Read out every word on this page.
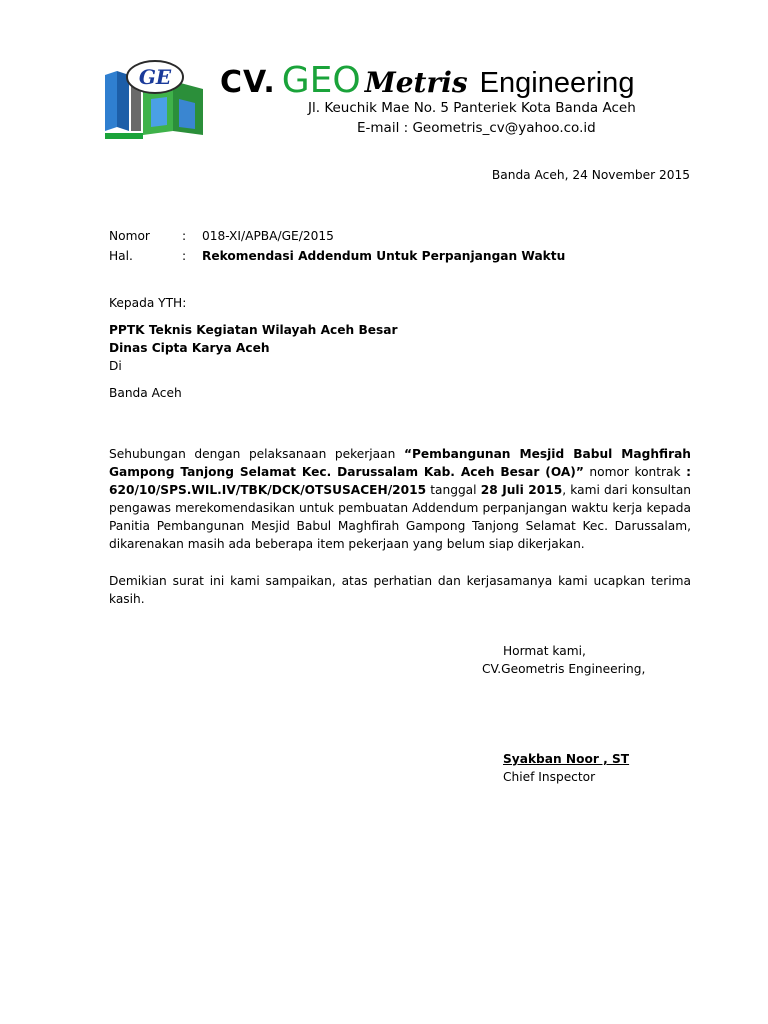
GE CV. GEO Metris Engineering
Jl. Keuchik Mae No. 5 Panteriek Kota Banda Aceh
E-mail : Geometris_cv@yahoo.co.id
Banda Aceh, 24 November 2015
Nomor	: 018-XI/APBA/GE/2015
Hal.	: Rekomendasi Addendum Untuk Perpanjangan Waktu
Kepada YTH:
PPTK Teknis Kegiatan Wilayah Aceh Besar
Dinas Cipta Karya Aceh
Di
Banda Aceh
Sehubungan dengan pelaksanaan pekerjaan “Pembangunan Mesjid Babul Maghfirah Gampong Tanjong Selamat Kec. Darussalam Kab. Aceh Besar (OA)” nomor kontrak : 620/10/SPS.WIL.IV/TBK/DCK/OTSUSACEH/2015 tanggal 28 Juli 2015, kami dari konsultan pengawas merekomendasikan untuk pembuatan Addendum perpanjangan waktu kerja kepada Panitia Pembangunan Mesjid Babul Maghfirah Gampong Tanjong Selamat Kec. Darussalam, dikarenakan masih ada beberapa item pekerjaan yang belum siap dikerjakan.
Demikian surat ini kami sampaikan, atas perhatian dan kerjasamanya kami ucapkan terima kasih.
Hormat kami,
CV.Geometris Engineering,
Syakban Noor , ST
Chief Inspector
